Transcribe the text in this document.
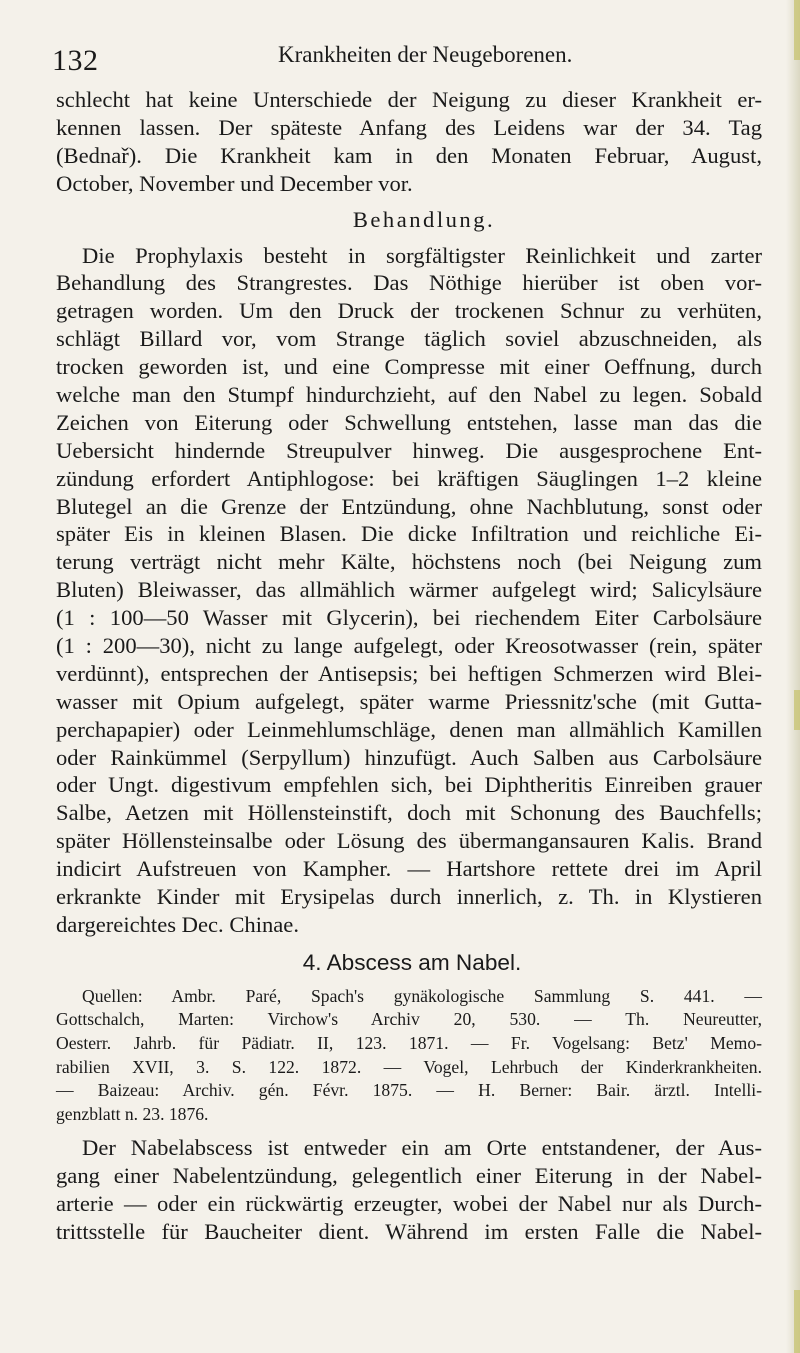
132	Krankheiten der Neugeborenen.
schlecht hat keine Unterschiede der Neigung zu dieser Krankheit er-
kennen lassen. Der späteste Anfang des Leidens war der 34. Tag
(Bednař). Die Krankheit kam in den Monaten Februar, August,
October, November und December vor.
Behandlung.
Die Prophylaxis besteht in sorgfältigster Reinlichkeit und zarter
Behandlung des Strangrestes. Das Nöthige hierüber ist oben vor-
getragen worden. Um den Druck der trockenen Schnur zu verhüten,
schlägt Billard vor, vom Strange täglich soviel abzuschneiden, als
trocken geworden ist, und eine Compresse mit einer Oeffnung, durch
welche man den Stumpf hindurchzieht, auf den Nabel zu legen. Sobald
Zeichen von Eiterung oder Schwellung entstehen, lasse man das die
Uebersicht hindernde Streupulver hinweg. Die ausgesprochene Ent-
zündung erfordert Antiphlogose: bei kräftigen Säuglingen 1–2 kleine
Blutegel an die Grenze der Entzündung, ohne Nachblutung, sonst oder
später Eis in kleinen Blasen. Die dicke Infiltration und reichliche Ei-
terung verträgt nicht mehr Kälte, höchstens noch (bei Neigung zum
Bluten) Bleiwasser, das allmählich wärmer aufgelegt wird; Salicylsäure
(1 : 100—50 Wasser mit Glycerin), bei riechendem Eiter Carbolsäure
(1 : 200—30), nicht zu lange aufgelegt, oder Kreosotwasser (rein, später
verdünnt), entsprechen der Antisepsis; bei heftigen Schmerzen wird Blei-
wasser mit Opium aufgelegt, später warme Priessnitz'sche (mit Gutta-
perchapapier) oder Leinmehlumschläge, denen man allmählich Kamillen
oder Rainkümmel (Serpyllum) hinzufügt. Auch Salben aus Carbolsäure
oder Ungt. digestivum empfehlen sich, bei Diphtheritis Einreiben grauer
Salbe, Aetzen mit Höllensteinstift, doch mit Schonung des Bauchfells;
später Höllensteinsalbe oder Lösung des übermangansauren Kalis. Brand
indicirt Aufstreuen von Kampher. — Hartshore rettete drei im April
erkrankte Kinder mit Erysipelas durch innerlich, z. Th. in Klystieren
dargereichtes Dec. Chinae.
4. Abscess am Nabel.
Quellen: Ambr. Paré, Spach's gynäkologische Sammlung S. 441. —
Gottschalch, Marten: Virchow's Archiv 20, 530. — Th. Neureutter,
Oesterr. Jahrb. für Pädiatr. II, 123. 1871. — Fr. Vogelsang: Betz' Memo-
rabilien XVII, 3. S. 122. 1872. — Vogel, Lehrbuch der Kinderkrankheiten.
— Baizeau: Archiv. gén. Févr. 1875. — H. Berner: Bair. ärztl. Intelli-
genzblatt n. 23. 1876.
Der Nabelabscess ist entweder ein am Orte entstandener, der Aus-
gang einer Nabelentzündung, gelegentlich einer Eiterung in der Nabel-
arterie — oder ein rückwärtig erzeugter, wobei der Nabel nur als Durch-
trittsstelle für Baucheiter dient. Während im ersten Falle die Nabel-
